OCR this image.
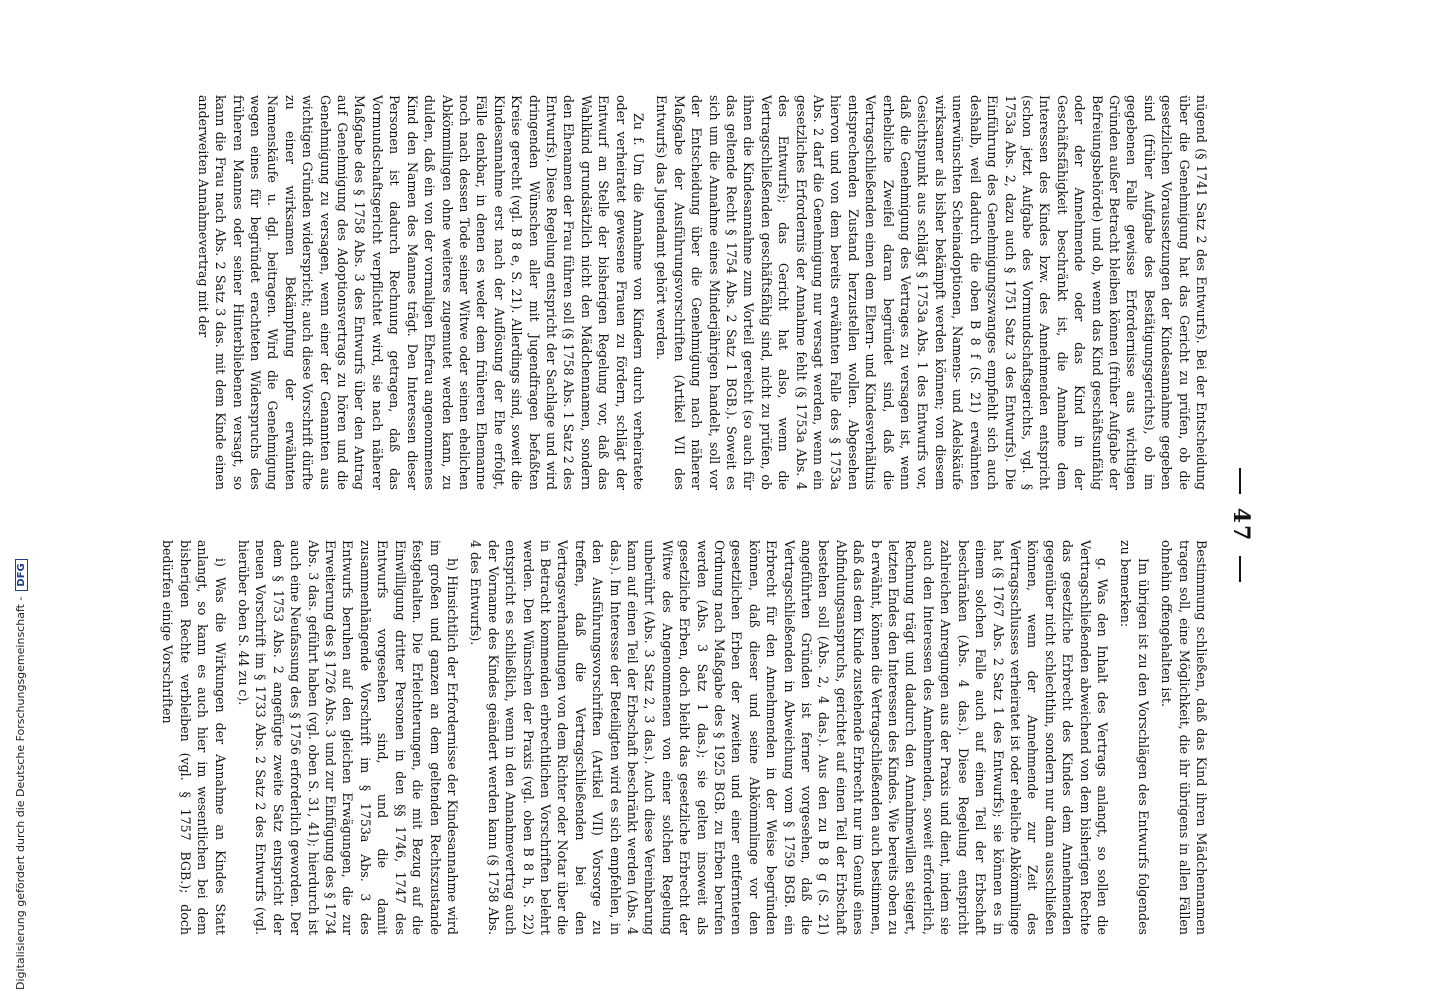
47

nügend (§ 1741 Satz 2 des Entwurfs). Bei der Entscheidung über die Genehmigung hat das Gericht zu prüfen, ob die gesetzlichen Voraussetzungen der Kindesannahme gegeben sind (früher Aufgabe des Bestätigungsgerichts), ob im gegebenen Falle gewisse Erfordernisse aus wichtigen Gründen außer Betracht bleiben können (früher Aufgabe der Befreiungsbehörde) und ob, wenn das Kind geschäftsunfähig oder der Annehmende oder das Kind in der Geschäftsfähigkeit beschränkt ist, die Annahme dem Interessen des Kindes bzw. des Annehmenden entspricht (schon jetzt Aufgabe des Vormundschaftsgerichts, vgl. § 1753a Abs. 2, dazu auch § 1751 Satz 3 des Entwurfs). Die Einführung des Genehmigungszwanges empfiehlt sich auch deshalb, weil dadurch die oben B 8 f (S. 21) erwähnten unerwünschten Scheinadoptionen, Namens- und Adelskäufe wirksamer als bisher bekämpft werden können; von diesem Gesichtspunkt aus schlägt § 1753a Abs. 1 des Entwurfs vor, daß die Genehmigung des Vertrages zu versagen ist, wenn erhebliche Zweifel daran begründet sind, daß die Vertragschließenden einen dem Eltern- und Kindesverhältnis entsprechenden Zustand herzustellen wollen. Abgesehen hiervon und von dem bereits erwähnten Falle des § 1753a Abs. 2 darf die Genehmigung nur versagt werden, wenn ein gesetzliches Erfordernis der Annahme fehlt (§ 1753a Abs. 4 des Entwurfs); das Gericht hat also, wenn die Vertragschließenden geschäftsfähig sind, nicht zu prüfen, ob ihnen die Kindesannahme zum Vorteil gereicht (so auch für das geltende Recht § 1754 Abs. 2 Satz 1 BGB.). Soweit es sich um die Annahme eines Minderjährigen handelt, soll vor der Entscheidung über die Genehmigung nach näherer Maßgabe der Ausführungsvorschriften (Artikel VII des Entwurfs) das Jugendamt gehört werden.

Zu f. Um die Annahme von Kindern durch verheiratete oder verheiratet gewesene Frauen zu fördern, schlägt der Entwurf an Stelle der bisherigen Regelung vor, daß das Wahlkind grundsätzlich nicht den Mädchennamen, sondern den Ehenamen der Frau führen soll (§ 1758 Abs. 1 Satz 2 des Entwurfs). Diese Regelung entspricht der Sachlage und wird dringenden Wünschen aller mit Jugendfragen befaßten Kreise gerecht (vgl. B 8 e, S. 21). Allerdings sind, soweit die Kindesannahme erst nach der Auflösung der Ehe erfolgt, Fälle denkbar, in denen es weder dem früheren Ehemanne noch nach dessen Tode seiner Witwe oder seinen ehelichen Abkömmlingen ohne weiteres zugemutet werden kann, zu dulden, daß ein von der vormaligen Ehefrau angenommenes Kind den Namen des Mannes trägt. Den Interessen dieser Personen ist dadurch Rechnung getragen, daß das Vormundschaftsgericht verpflichtet wird, sie nach näherer Maßgabe des § 1758 Abs. 3 des Entwurfs über den Antrag auf Genehmigung des Adoptionsvertrags zu hören und die Genehmigung zu versagen, wenn einer der Genannten aus wichtigen Gründen widerspricht; auch diese Vorschrift dürfte zu einer wirksamen Bekämpfung der erwähnten Namenskäufe u. dgl. beitragen. Wird die Genehmigung wegen eines für begründet erachteten Widerspruchs des früheren Mannes oder seiner Hinterbliebenen versagt, so kann die Frau nach Abs. 2 Satz 3 das. mit dem Kinde einen anderweiten Annahmevertrag mit der

Bestimmung schließen, daß das Kind ihren Mädchennamen tragen soll, eine Möglichkeit, die ihr übrigens in allen Fällen ohnehin offengehalten ist.

Im übrigen ist zu den Vorschlägen des Entwurfs folgendes zu bemerken:

g. Was den Inhalt des Vertrags anlangt, so sollen die Vertragschließenden abweichend von dem bisherigen Rechte das gesetzliche Erbrecht des Kindes dem Annehmenden gegenüber nicht schlechthin, sondern nur dann ausschließen können, wenn der Annehmende zur Zeit des Vertragsschlusses verheiratet ist oder eheliche Abkömmlinge hat (§ 1767 Abs. 2 Satz 1 des Entwurfs); sie können es in einem solchen Falle auch auf einen Teil der Erbschaft beschränken (Abs. 4 das.). Diese Regelung entspricht zahlreichen Anregungen aus der Praxis und dient, indem sie auch den Interessen des Annehmenden, soweit erforderlich, Rechnung trägt und dadurch den Annahmewillen steigert, letzten Endes den Interessen des Kindes. Wie bereits oben zu b erwähnt, können die Vertragschließenden auch bestimmen, daß das dem Kinde zustehende Erbrecht nur im Genuß eines Abfindungsanspruchs, gerichtet auf einen Teil der Erbschaft bestehen soll (Abs. 2, 4 das.). Aus den zu B 8 g (S. 21) angeführten Gründen ist ferner vorgesehen, daß die Vertragschließenden in Abweichung vom § 1759 BGB. ein Erbrecht für den Annehmenden in der Weise begründen können, daß dieser und seine Abkömmlinge vor den gesetzlichen Erben der zweiten und einer entfernteren Ordnung nach Maßgabe des § 1925 BGB. zu Erben berufen werden (Abs. 3 Satz 1 das.); sie gelten insoweit als gesetzliche Erben, doch bleibt das gesetzliche Erbrecht der Witwe des Angenommenen von einer solchen Regelung unberührt (Abs. 3 Satz 2, 3 das.). Auch diese Vereinbarung kann auf einen Teil der Erbschaft beschränkt werden (Abs. 4 das.). Im Interesse der Beteiligten wird es sich empfehlen, in den Ausführungsvorschriften (Artikel VII) Vorsorge zu treffen, daß die Vertragschließenden bei den Vertragsverhandlungen von dem Richter oder Notar über die in Betracht kommenden erbrechtlichen Vorschriften belehrt werden. Den Wünschen der Praxis (vgl. oben B 8 h, S. 22) entspricht es schließlich, wenn in den Annahmevertrag auch der Vorname des Kindes geändert werden kann (§ 1758 Abs. 4 des Entwurfs).

h) Hinsichtlich der Erfordernisse der Kindesannahme wird im großen und ganzen an dem geltenden Rechtszustande festgehalten. Die Erleichterungen, die mit Bezug auf die Einwilligung dritter Personen in den §§ 1746, 1747 des Entwurfs vorgesehen sind, und die damit zusammenhängende Vorschrift im § 1753a Abs. 3 des Entwurfs beruhen auf den gleichen Erwägungen, die zur Erweiterung des § 1726 Abs. 3 und zur Einfügung des § 1734 Abs. 3 das. geführt haben (vgl. oben S. 31, 41); hierdurch ist auch eine Neufassung des § 1756 erforderlich geworden. Der dem § 1753 Abs. 2 angefügte zweite Satz entspricht der neuen Vorschrift im § 1733 Abs. 2 Satz 2 des Entwurfs (vgl. hierüber oben S. 44 zu c).

i) Was die Wirkungen der Annahme an Kindes Statt anlangt, so kann es auch hier im wesentlichen bei dem bisherigen Rechte verbleiben (vgl. § 1757 BGB.); doch bedürfen einige Vorschriften

Digitalisierung gefördert durch die Deutsche Forschungsgemeinschaft -DFG
